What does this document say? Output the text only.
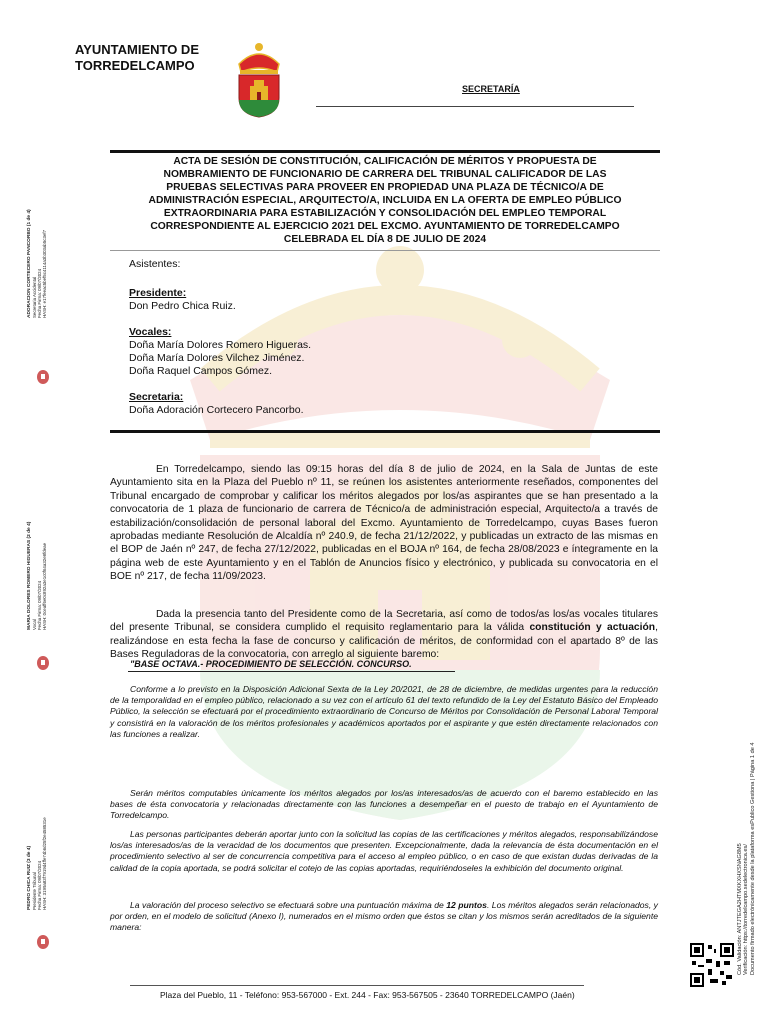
AYUNTAMIENTO DE
TORREDELCAMPO
SECRETARÍA

ACTA DE SESIÓN DE CONSTITUCIÓN, CALIFICACIÓN DE MÉRITOS Y PROPUESTA DE

NOMBRAMIENTO DE FUNCIONARIO DE CARRERA DEL TRIBUNAL CALIFICADOR DE LAS

PRUEBAS SELECTIVAS PARA PROVEER EN PROPIEDAD UNA PLAZA DE TÉCNICO/A DE

ADMINISTRACIÓN ESPECIAL, ARQUITECTO/A, INCLUIDA EN LA OFERTA DE EMPLEO PÚBLICO

EXTRAORDINARIA PARA ESTABILIZACIÓN Y CONSOLIDACIÓN DEL EMPLEO TEMPORAL

CORRESPONDIENTE AL EJERCICIO 2021 DEL EXCMO. AYUNTAMIENTO DE TORREDELCAMPO

CELEBRADA EL DÍA 8 DE JULIO DE 2024

Asistentes:
Presidente:
Don Pedro Chica Ruiz.
Vocales:
Doña María Dolores Romero Higueras.
Doña María Dolores Vilchez Jiménez.
Doña Raquel Campos Gómez.
Secretaria:
Doña Adoración Cortecero Pancorbo.
En Torredelcampo, siendo las 09:15 horas del día 8 de julio de 2024, en la Sala de Juntas de este Ayuntamiento sita en la Plaza del Pueblo nº 11, se reúnen los asistentes anteriormente reseñados, componentes del Tribunal encargado de comprobar y calificar los méritos alegados por los/as aspirantes que se han presentado a la convocatoria de 1 plaza de funcionario de carrera de Técnico/a de administración especial, Arquitecto/a a través de estabilización/consolidación de personal laboral del Excmo. Ayuntamiento de Torredelcampo, cuyas Bases fueron aprobadas mediante Resolución de Alcaldía nº 240.9, de fecha 21/12/2022, y publicadas un extracto de las mismas en el BOP de Jaén nº 247, de fecha 27/12/2022, publicadas en el BOJA nº 164, de fecha 28/08/2023 e íntegramente en la página web de este Ayuntamiento y en el Tablón de Anuncios físico y electrónico, y publicada su convocatoria en el BOE nº 217, de fecha 11/09/2023.
Dada la presencia tanto del Presidente como de la Secretaria, así como de todos/as los/as vocales titulares del presente Tribunal, se considera cumplido el requisito reglamentario para la válida constitución y actuación, realizándose en esta fecha la fase de concurso y calificación de méritos, de conformidad con el apartado 8º de las Bases Reguladoras de la convocatoria, con arreglo al siguiente baremo:
"BASE OCTAVA.- PROCEDIMIENTO DE SELECCIÓN. CONCURSO.
Conforme a lo previsto en la Disposición Adicional Sexta de la Ley 20/2021, de 28 de diciembre, de medidas urgentes para la reducción de la temporalidad en el empleo público, relacionado a su vez con el artículo 61 del texto refundido de la Ley del Estatuto Básico del Empleado Público, la selección se efectuará por el procedimiento extraordinario de Concurso de Méritos por Consolidación de Personal Laboral Temporal y consistirá en la valoración de los méritos profesionales y académicos aportados por el aspirante y que estén directamente relacionados con las funciones a realizar.
Serán méritos computables únicamente los méritos alegados por los/as interesados/as de acuerdo con el baremo establecido en las bases de ésta convocatoria y relacionadas directamente con las funciones a desempeñar en el puesto de trabajo en el Ayuntamiento de Torredelcampo.
Las personas participantes deberán aportar junto con la solicitud las copias de las certificaciones y méritos alegados, responsabilizándose los/as interesados/as de la veracidad de los documentos que presenten. Excepcionalmente, dada la relevancia de ésta documentación en el procedimiento selectivo al ser de concurrencia competitiva para el acceso al empleo público, o en caso de que existan dudas derivadas de la calidad de la copia aportada, se podrá solicitar el cotejo de las copias aportadas, requiriéndoseles la exhibición del documento original.
La valoración del proceso selectivo se efectuará sobre una puntuación máxima de 12 puntos. Los méritos alegados serán relacionados, y por orden, en el modelo de solicitud (Anexo I), numerados en el mismo orden que éstos se citan y los mismos serán acreditados de la siguiente manera:
Plaza del Pueblo, 11 - Teléfono: 953-567000 - Ext. 244 - Fax: 953-567505 - 23640 TORREDELCAMPO (Jaén)
ADORACION CORTECERO PANCORBO (1 de 4)
Secretaria Accidental
Fecha Firma: 09/07/2024
HASH: e17feeac5bef5c4114a3b303ab5c3ef7
MARIA DOLORES ROMERO HIGUERAS (2 de 4)
Vocal
Fecha Firma: 09/07/2024
HASH: 0ceaff6e0c892a3e1c0f64a32e8fdeae
PEDRO CHICA RUIZ (3 de 4)
Presidente Tribunal
Fecha Firma: 09/07/2024
HASH: 3199a83f7919d4ffe74b6d25f2e458531e	Cód. Validación: ANTJTEGA2HTMXKXHXSNAG8M5 Verificación: https://torredelcampo.sedelectronica.es/ Documento firmado electrónicamente desde la plataforma esPublico Gestiona | Página 1 de 4
